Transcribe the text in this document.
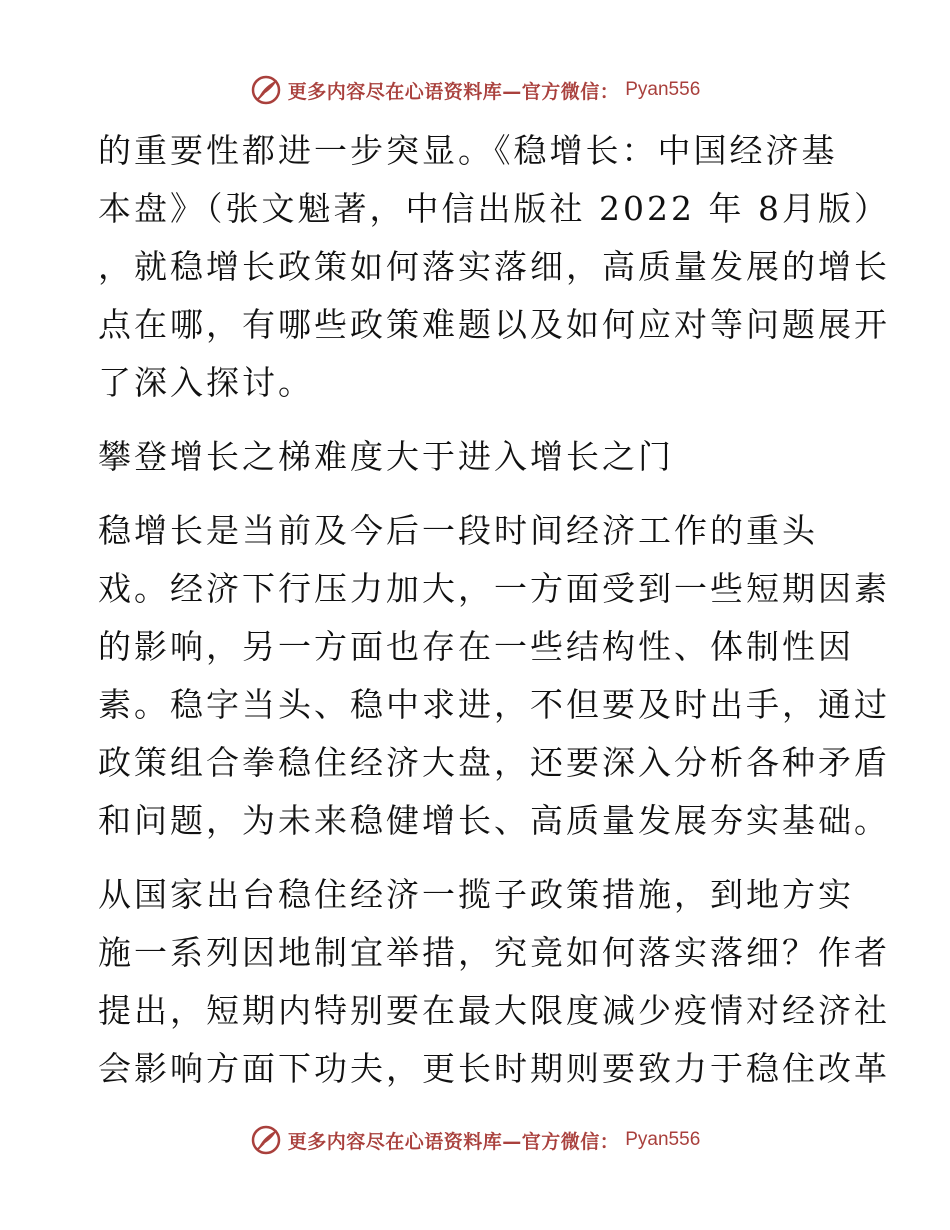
更多内容尽在心语资料库—官方微信： Pyan556
的重要性都进一步突显。《稳增长：中国经济基
本盘》（张文魁著，中信出版社 2022 年 8月版）
，就稳增长政策如何落实落细，高质量发展的增长
点在哪，有哪些政策难题以及如何应对等问题展开
了深入探讨。
攀登增长之梯难度大于进入增长之门
稳增长是当前及今后一段时间经济工作的重头
戏。经济下行压力加大，一方面受到一些短期因素
的影响，另一方面也存在一些结构性、体制性因
素。稳字当头、稳中求进，不但要及时出手，通过
政策组合拳稳住经济大盘，还要深入分析各种矛盾
和问题，为未来稳健增长、高质量发展夯实基础。
从国家出台稳住经济一揽子政策措施，到地方实
施一系列因地制宜举措，究竟如何落实落细？作者
提出，短期内特别要在最大限度减少疫情对经济社
会影响方面下功夫，更长时期则要致力于稳住改革
更多内容尽在心语资料库—官方微信： Pyan556
